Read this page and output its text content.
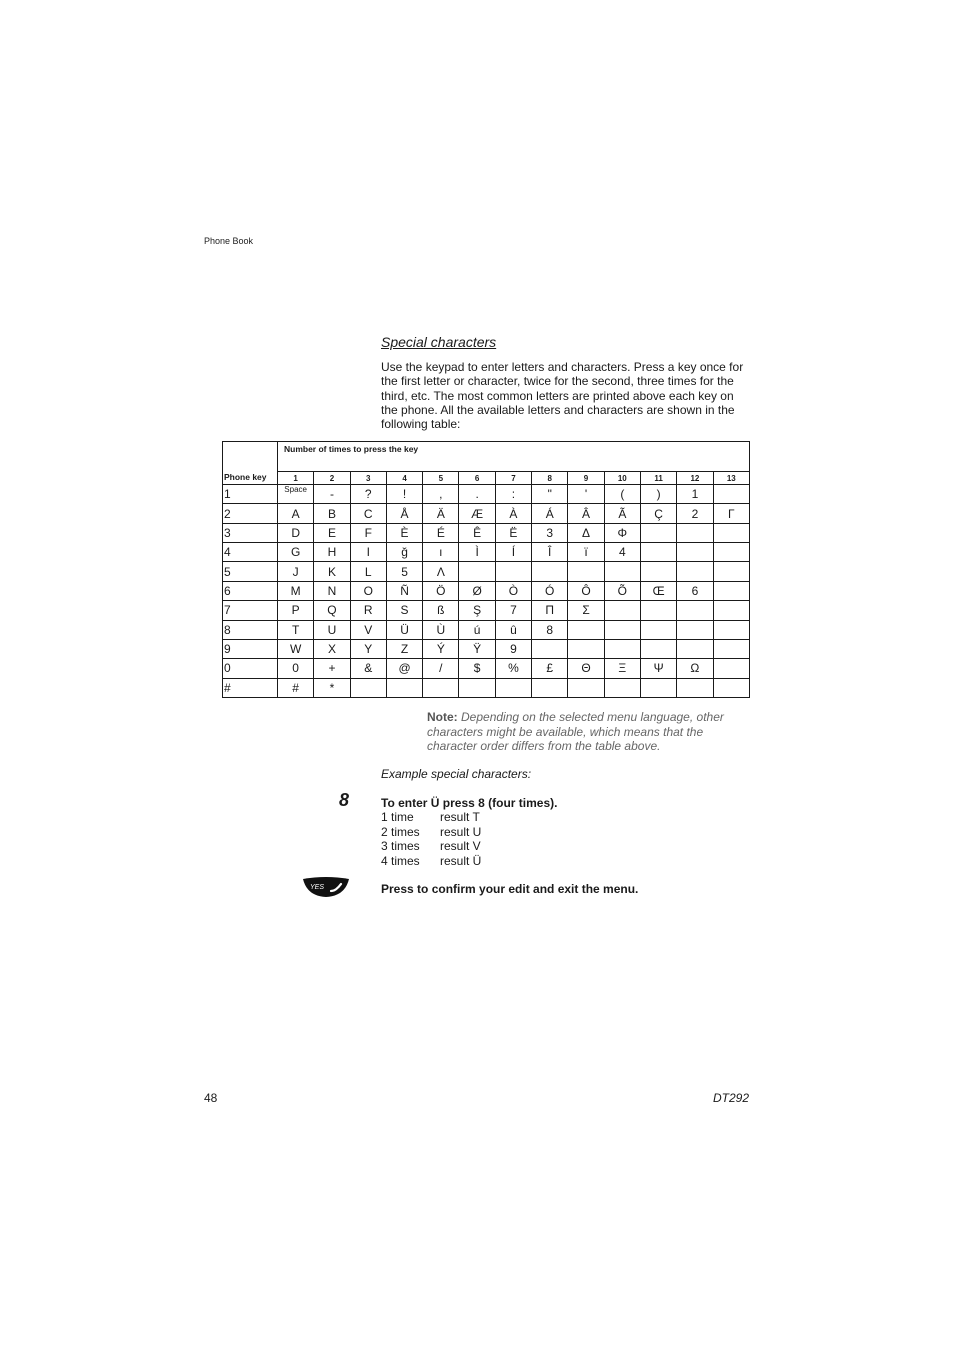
Phone Book
Special characters

Use the keypad to enter letters and characters. Press a key once for the first letter or character, twice for the second, three times for the third, etc. The most common letters are printed above each key on the phone. All the available letters and characters are shown in the following table:

Phone key	Number of times to press the key												
	1	2	3	4	5	6	7	8	9	10	11	12	13
1	Space	-	?	!	,	.	:	"	'	(	)	1	
2	A	B	C	Å	Ä	Æ	À	Á	Â	Ã	Ç	2	Γ
3	D	E	F	È	É	Ê	Ë	3	Δ	Φ			
4	G	H	I	ğ	ı	Ì	Í	Î	ï	4			
5	J	K	L	5	Λ								
6	M	N	O	Ñ	Ö	Ø	Ò	Ó	Ô	Õ	Œ	6	
7	P	Q	R	S	ß	Ş	7	Π	Σ				
8	T	U	V	Ü	Ù	ú	û	8					
9	W	X	Y	Z	Ý	Ÿ	9						
0	0	+	&	@	/	$	%	£	Θ	Ξ	Ψ	Ω	
#	#	*											

Note: Depending on the selected menu language, other characters might be available, which means that the character order differs from the table above.

Example special characters:
8	To enter Ü press 8 (four times).
1 time	result T
2 times	result U
3 times	result V
4 times	result Ü
YES	Press to confirm your edit and exit the menu.
48	DT292
